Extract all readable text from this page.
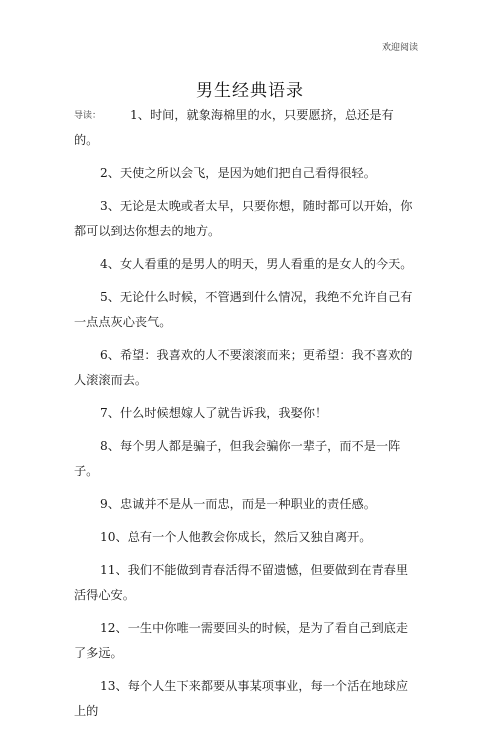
欢迎阅读
男生经典语录
导读：	1、时间，就象海棉里的水，只要愿挤，总还是有的。
2、天使之所以会飞，是因为她们把自己看得很轻。
3、无论是太晚或者太早，只要你想，随时都可以开始，你都可以到达你想去的地方。
4、女人看重的是男人的明天，男人看重的是女人的今天。
5、无论什么时候，不管遇到什么情况，我绝不允许自己有一点点灰心丧气。
6、希望：我喜欢的人不要滚滚而来；更希望：我不喜欢的人滚滚而去。
7、什么时候想嫁人了就告诉我，我娶你！
8、每个男人都是骗子，但我会骗你一辈子，而不是一阵子。
9、忠诚并不是从一而忠，而是一种职业的责任感。
10、总有一个人他教会你成长，然后又独自离开。
11、我们不能做到青春活得不留遗憾，但要做到在青春里活得心安。
12、一生中你唯一需要回头的时候，是为了看自己到底走了多远。
13、每个人生下来都要从事某项事业，每一个活在地球应上的
